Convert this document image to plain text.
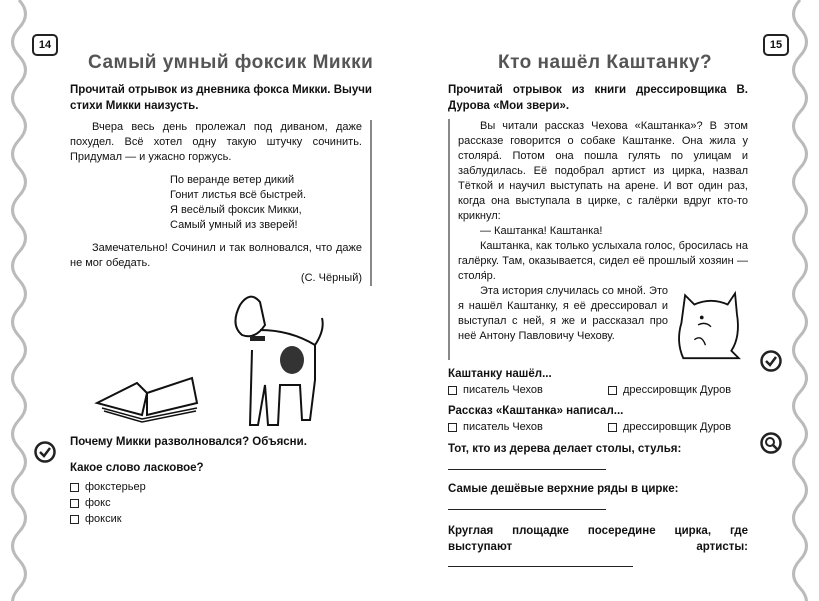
14
Самый умный фоксик Микки
Прочитай отрывок из дневника фокса Микки. Выучи стихи Микки наизусть.
Вчера весь день пролежал под диваном, даже похудел. Всё хотел одну такую штучку сочинить. Придумал — и ужасно горжусь.
По веранде ветер дикий
Гонит листья всё быстрей.
Я весёлый фоксик Микки,
Самый умный из зверей!
Замечательно! Сочинил и так волновался, что даже не мог обедать.
(С. Чёрный)
Почему Микки разволновался? Объясни.
Какое слово ласковое?
фокстерьер
фокс
фоксик
15
Кто нашёл Каштанку?
Прочитай отрывок из книги дрессировщика В. Дурова «Мои звери».
Вы читали рассказ Чехова «Каштанка»? В этом рассказе говорится о собаке Каштанке. Она жила у столяра́. Потом она пошла гулять по улицам и заблудилась. Её подобрал артист из цирка, назвал Тёткой и научил выступать на арене. И вот один раз, когда она выступала в цирке, с галёрки вдруг кто-то крикнул:
— Каштанка! Каштанка!
Каштанка, как только услыхала голос, бросилась на галёрку. Там, оказывается, сидел её прошлый хозяин — столя́р.
Эта история случилась со мной. Это я нашёл Каштанку, я её дрессировал и выступал с ней, я же и рассказал про неё Антону Павловичу Чехову.
Каштанку нашёл...
писатель Чехов	дрессировщик Дуров
Рассказ «Каштанка» написал...
писатель Чехов	дрессировщик Дуров
Тот, кто из дерева делает столы, стулья:
Самые дешёвые верхние ряды в цирке:
Круглая площадке посередине цирка, где выступают артисты:
